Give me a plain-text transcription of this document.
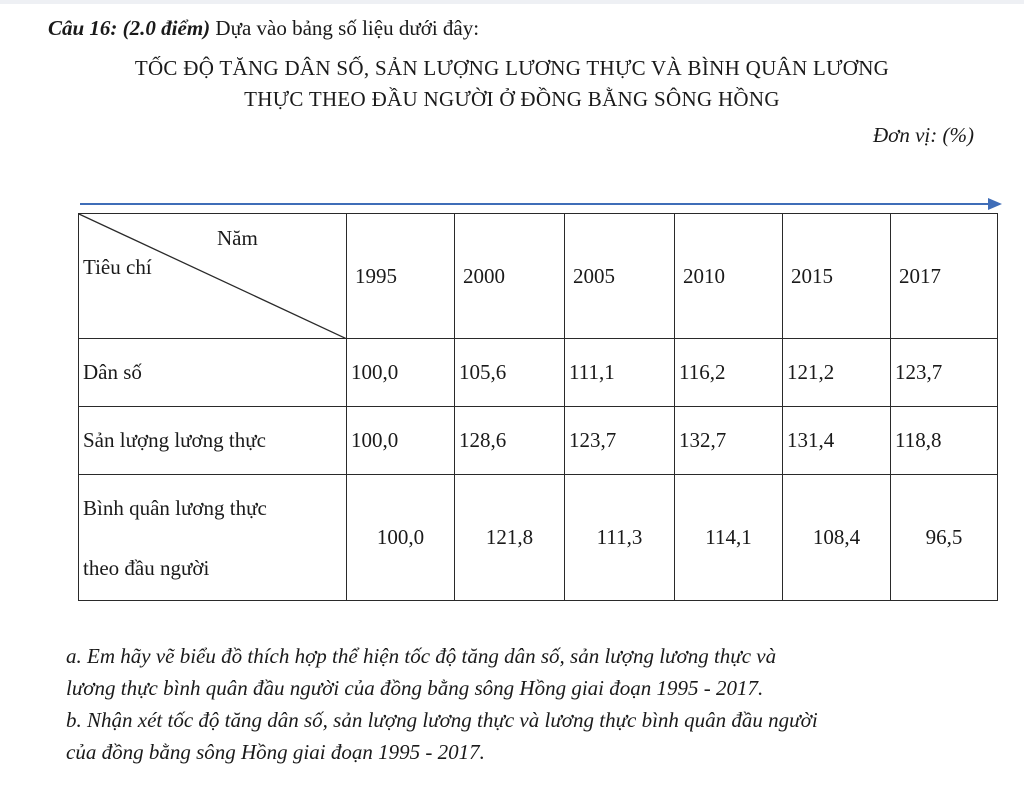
Câu 16: (2.0 điểm) Dựa vào bảng số liệu dưới đây:
TỐC ĐỘ TĂNG DÂN SỐ, SẢN LƯỢNG LƯƠNG THỰC VÀ BÌNH QUÂN LƯƠNG
THỰC THEO ĐẦU NGƯỜI Ở ĐỒNG BẰNG SÔNG HỒNG
Đơn vị: (%)
Năm
Tiêu chí	1995	2000	2005	2010	2015	2017
Dân số	100,0	105,6	111,1	116,2	121,2	123,7
Sản lượng lương thực	100,0	128,6	123,7	132,7	131,4	118,8

Bình quân lương thực
theo đầu người	100,0	121,8	111,3	114,1	108,4	96,5

a. Em hãy vẽ biểu đồ thích hợp thể hiện tốc độ tăng dân số, sản lượng lương thực và

lương thực bình quân đầu người của đồng bằng sông Hồng giai đoạn 1995 - 2017.

b. Nhận xét tốc độ tăng dân số, sản lượng lương thực và lương thực bình quân đầu người

của đồng bằng sông Hồng giai đoạn 1995 - 2017.
